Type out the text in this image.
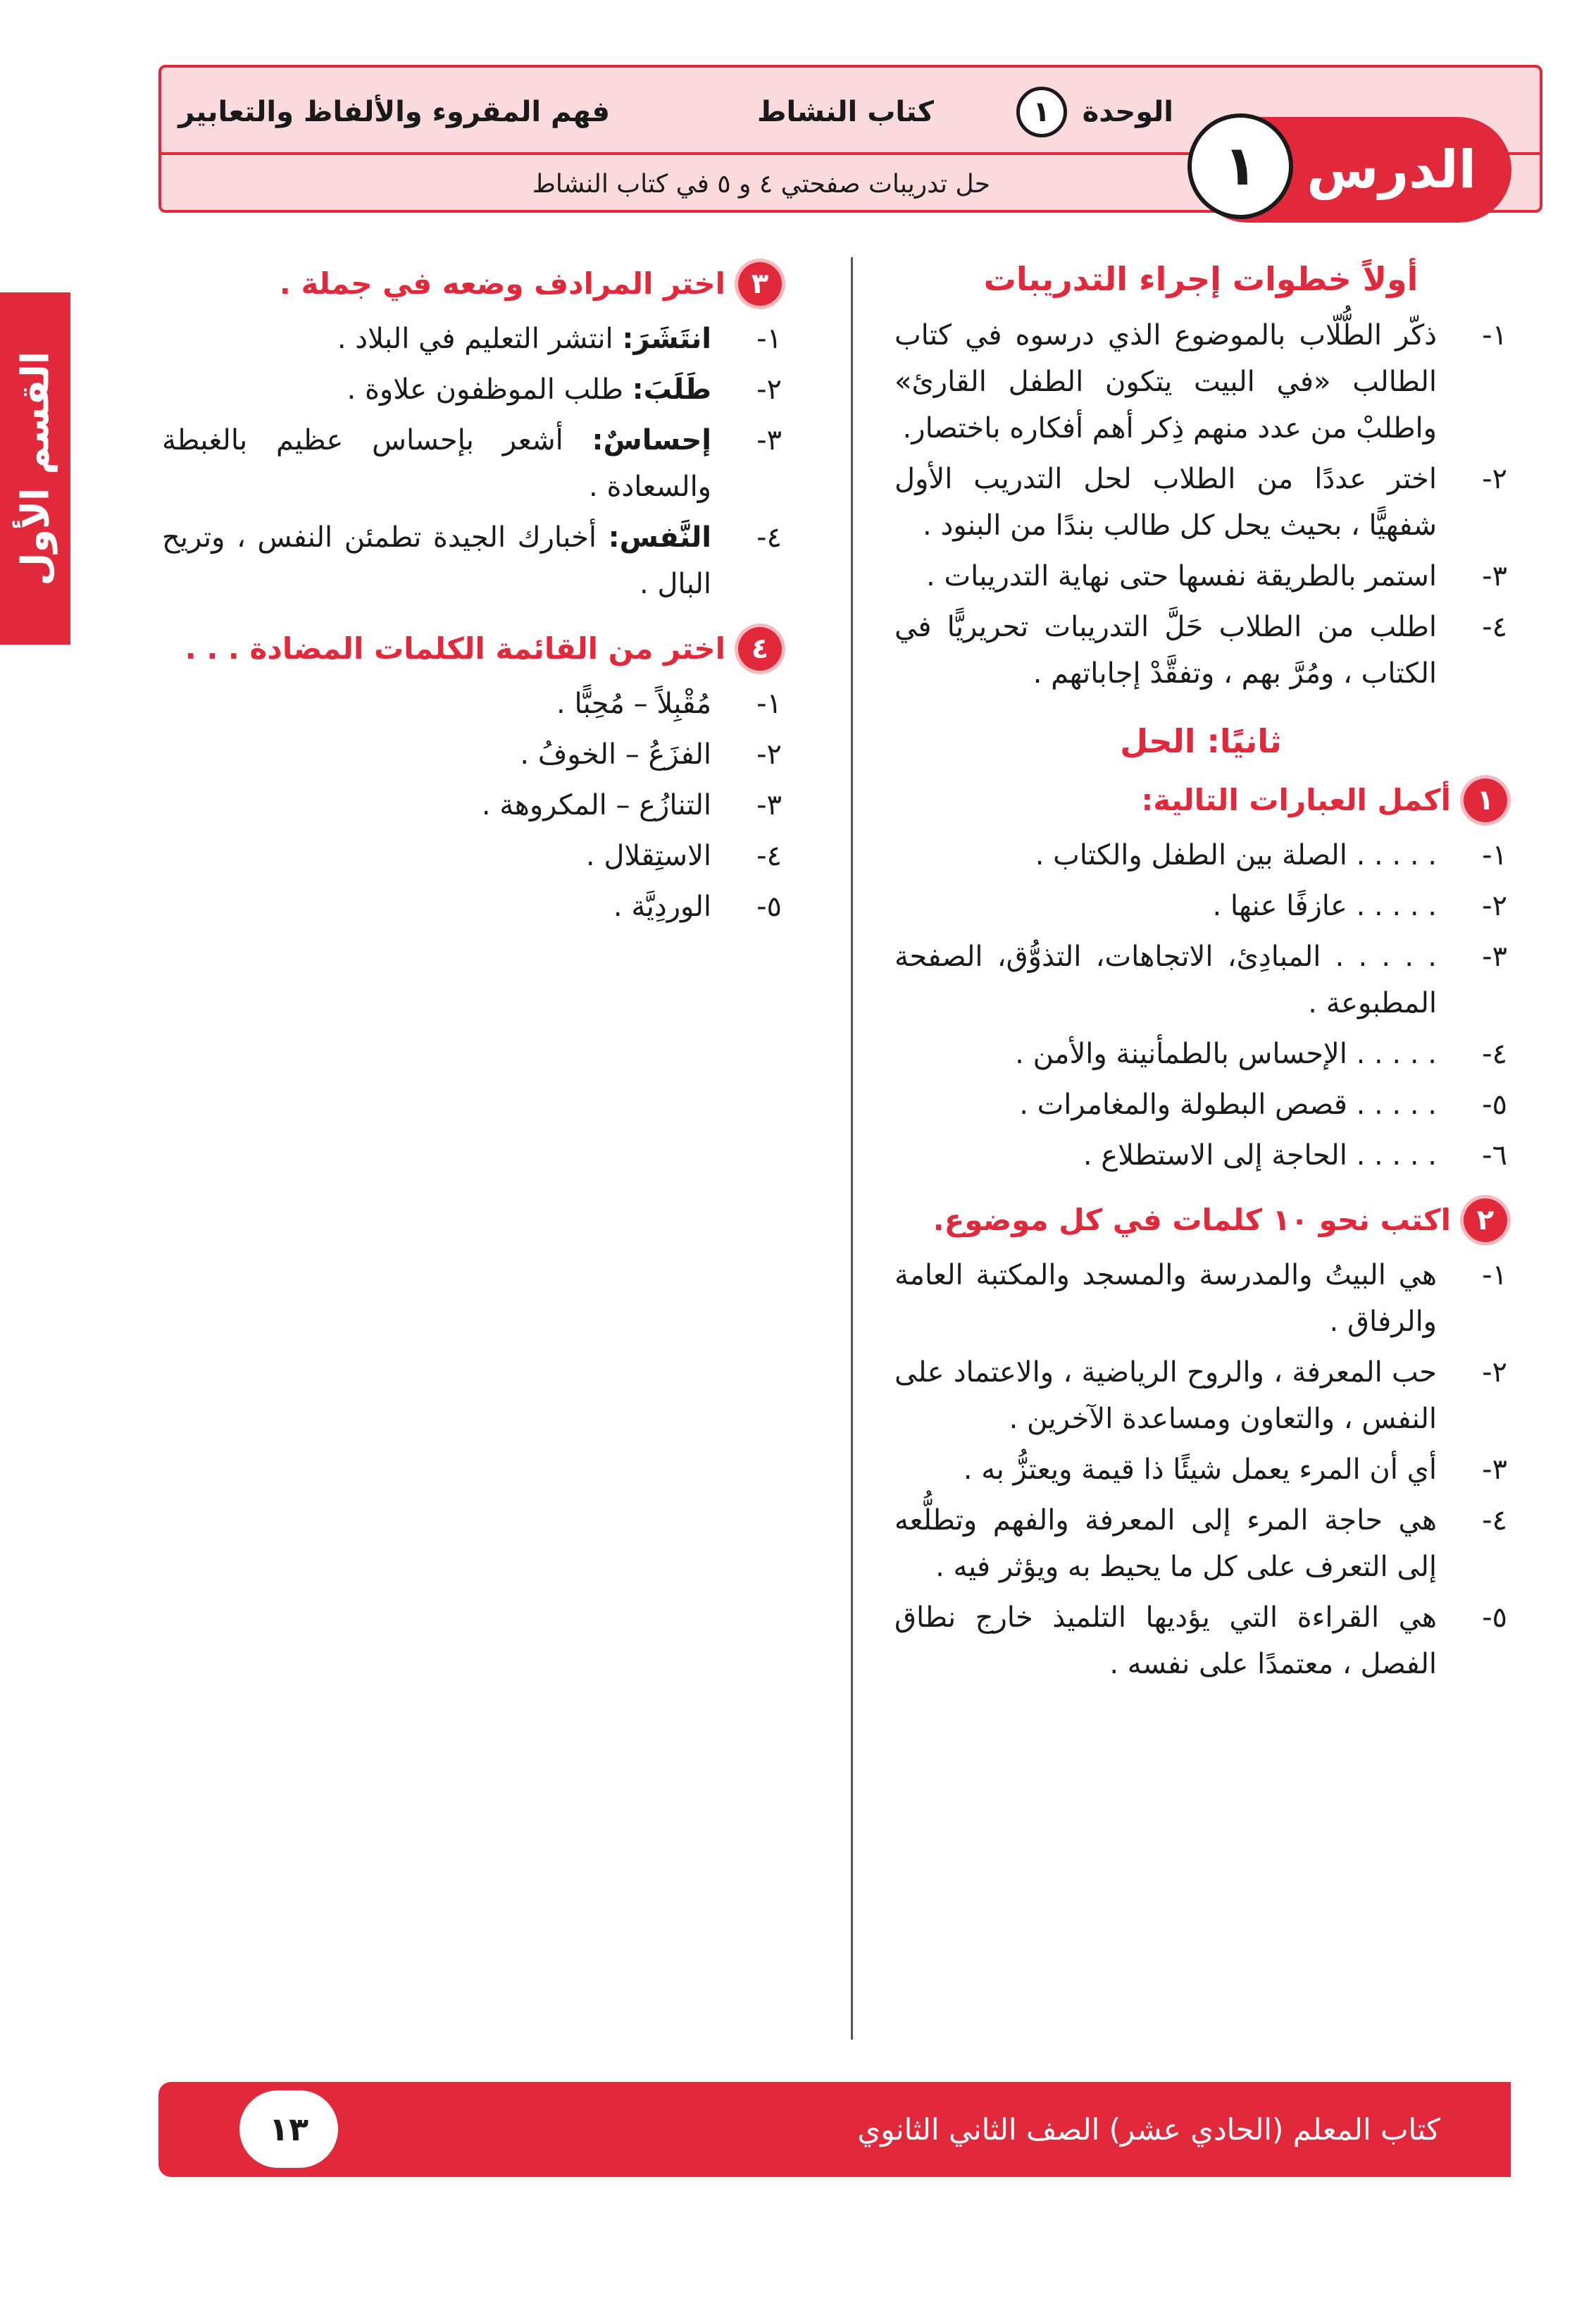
الوحدة
١
كتاب النشاط
فهم المقروء والألفاظ والتعابير
حل تدريبات صفحتي ٤ و ٥ في كتاب النشاط	الدرس
١
القسم الأول
أولاً خطوات إجراء التدريبات
١-
ذكّر الطُّلّاب بالموضوع الذي درسوه في كتاب الطالب «في البيت يتكون الطفل القارئ» واطلبْ من عدد منهم ذِكر أهم أفكاره باختصار.
٢-
اختر عددًا من الطلاب لحل التدريب الأول شفهيًّا ، بحيث يحل كل طالب بندًا من البنود .
٣-
استمر بالطريقة نفسها حتى نهاية التدريبات .
٤-
اطلب من الطلاب حَلَّ التدريبات تحريريًّا في الكتاب ، ومُرَّ بهم ، وتفقَّدْ إجاباتهم .
ثانيًا: الحل
١
أكمل العبارات التالية:
١-
. . . . . الصلة بين الطفل والكتاب .
٢-
. . . . . عازفًا عنها .
٣-
. . . . . المبادِئ، الاتجاهات، التذوُّق، الصفحة المطبوعة .
٤-
. . . . . الإحساس بالطمأنينة والأمن .
٥-
. . . . . قصص البطولة والمغامرات .
٦-
. . . . . الحاجة إلى الاستطلاع .
٢
اكتب نحو ١٠ كلمات في كل موضوع.
١-
هي البيتُ والمدرسة والمسجد والمكتبة العامة والرفاق .
٢-
حب المعرفة ، والروح الرياضية ، والاعتماد على النفس ، والتعاون ومساعدة الآخرين .
٣-
أي أن المرء يعمل شيئًا ذا قيمة ويعتزُّ به .
٤-
هي حاجة المرء إلى المعرفة والفهم وتطلُّعه إلى التعرف على كل ما يحيط به ويؤثر فيه .
٥-
هي القراءة التي يؤديها التلميذ خارج نطاق الفصل ، معتمدًا على نفسه .
٣
اختر المرادف وضعه في جملة .
١-
انتَشَرَ: انتشر التعليم في البلاد .
٢-
طَلَبَ: طلب الموظفون علاوة .
٣-
إحساسٌ: أشعر بإحساس عظيم بالغبطة والسعادة .
٤-
النَّفس: أخبارك الجيدة تطمئن النفس ، وتريح البال .
٤
اختر من القائمة الكلمات المضادة . . .
١-
مُقْبِلاً – مُحِبًّا .
٢-
الفزَعُ – الخوفُ .
٣-
التنازُع – المكروهة .
٤-
الاستِقلال .
٥-
الوردِيَّة .
كتاب المعلم (الحادي عشر) الصف الثاني الثانوي
١٣
